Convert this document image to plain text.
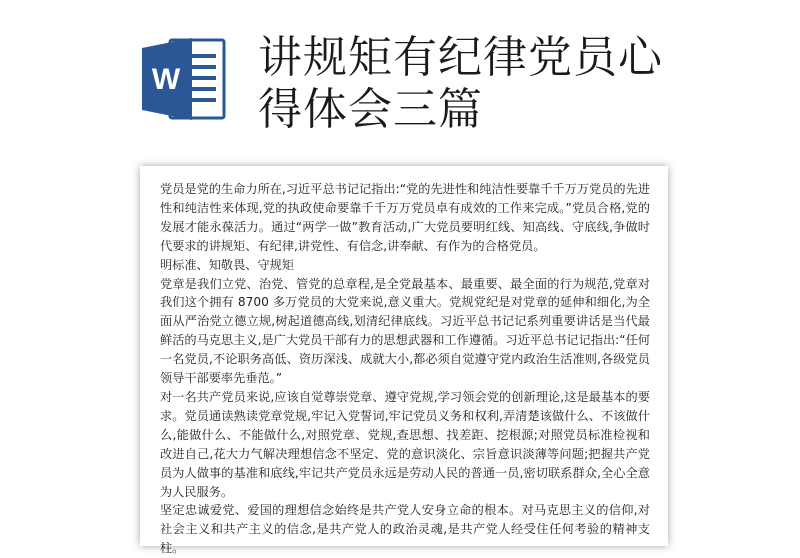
W 讲规矩有纪律党员心
得体会三篇

党员是党的生命力所在,习近平总书记记指出:“党的先进性和纯洁性要靠千千万万党员的先进性和纯洁性来体现,党的执政使命要靠千千万万党员卓有成效的工作来完成。”党员合格,党的发展才能永葆活力。通过“两学一做”教育活动,广大党员要明红线、知高线、守底线,争做时代要求的讲规矩、有纪律,讲党性、有信念,讲奉献、有作为的合格党员。

明标准、知敬畏、守规矩

党章是我们立党、治党、管党的总章程,是全党最基本、最重要、最全面的行为规范,党章对我们这个拥有 8700 多万党员的大党来说,意义重大。党规党纪是对党章的延伸和细化,为全面从严治党立德立规,树起道德高线,划清纪律底线。习近平总书记记系列重要讲话是当代最鲜活的马克思主义,是广大党员干部有力的思想武器和工作遵循。习近平总书记记指出:“任何一名党员,不论职务高低、资历深浅、成就大小,都必须自觉遵守党内政治生活准则,各级党员领导干部要率先垂范。”

对一名共产党员来说,应该自觉尊崇党章、遵守党规,学习领会党的创新理论,这是最基本的要求。党员通读熟读党章党规,牢记入党誓词,牢记党员义务和权利,弄清楚该做什么、不该做什么,能做什么、不能做什么,对照党章、党规,查思想、找差距、挖根源;对照党员标准检视和改进自己,花大力气解决理想信念不坚定、党的意识淡化、宗旨意识淡薄等问题;把握共产党员为人做事的基准和底线,牢记共产党员永远是劳动人民的普通一员,密切联系群众,全心全意为人民服务。

坚定忠诚爱党、爱国的理想信念始终是共产党人安身立命的根本。对马克思主义的信仰,对社会主义和共产主义的信念,是共产党人的政治灵魂,是共产党人经受住任何考验的精神支柱。
